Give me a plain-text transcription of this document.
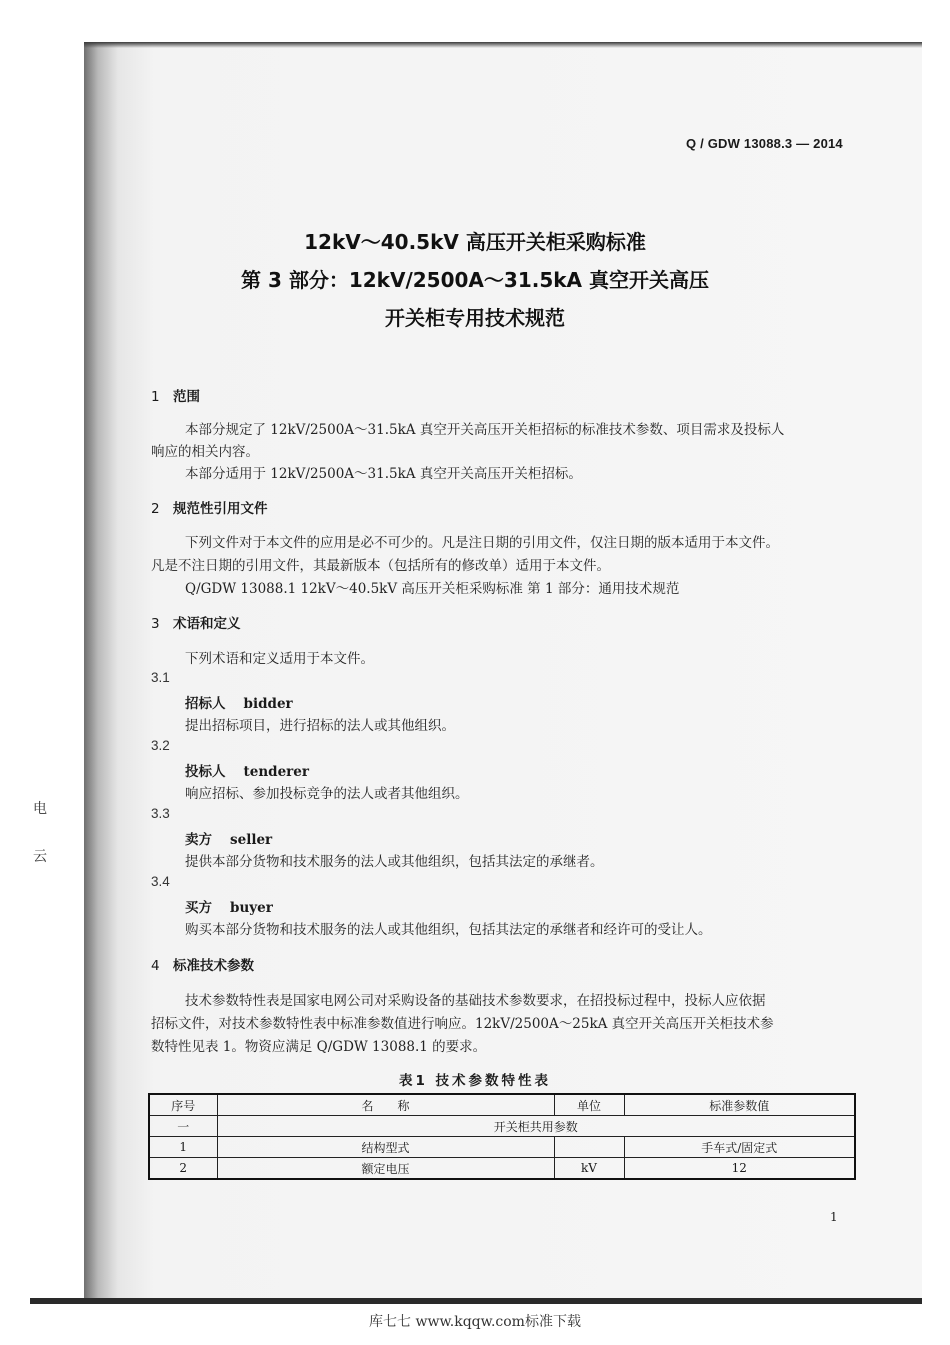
Q / GDW 13088.3 — 2014
12kV～40.5kV 高压开关柜采购标准
第 3 部分：12kV/2500A～31.5kA 真空开关高压
开关柜专用技术规范
1 范围
本部分规定了 12kV/2500A～31.5kA 真空开关高压开关柜招标的标准技术参数、项目需求及投标人
响应的相关内容。
本部分适用于 12kV/2500A～31.5kA 真空开关高压开关柜招标。
2 规范性引用文件
下列文件对于本文件的应用是必不可少的。凡是注日期的引用文件，仅注日期的版本适用于本文件。
凡是不注日期的引用文件，其最新版本（包括所有的修改单）适用于本文件。
Q/GDW 13088.1 12kV～40.5kV 高压开关柜采购标准 第 1 部分：通用技术规范
3 术语和定义
下列术语和定义适用于本文件。
3.1
招标人 bidder
提出招标项目，进行招标的法人或其他组织。
3.2
投标人 tenderer
响应招标、参加投标竞争的法人或者其他组织。
3.3
卖方 seller
提供本部分货物和技术服务的法人或其他组织，包括其法定的承继者。
3.4
买方 buyer
购买本部分货物和技术服务的法人或其他组织，包括其法定的承继者和经许可的受让人。
4 标准技术参数
技术参数特性表是国家电网公司对采购设备的基础技术参数要求，在招投标过程中，投标人应依据
招标文件，对技术参数特性表中标准参数值进行响应。12kV/2500A～25kA 真空开关高压开关柜技术参
数特性见表 1。物资应满足 Q/GDW 13088.1 的要求。
表1 技术参数特性表
序号	名　　称	单位	标准参数值
一	开关柜共用参数		
1	结构型式		手车式/固定式
2	额定电压	kV	12
1
电
云
库七七 www.kqqw.com标准下载
